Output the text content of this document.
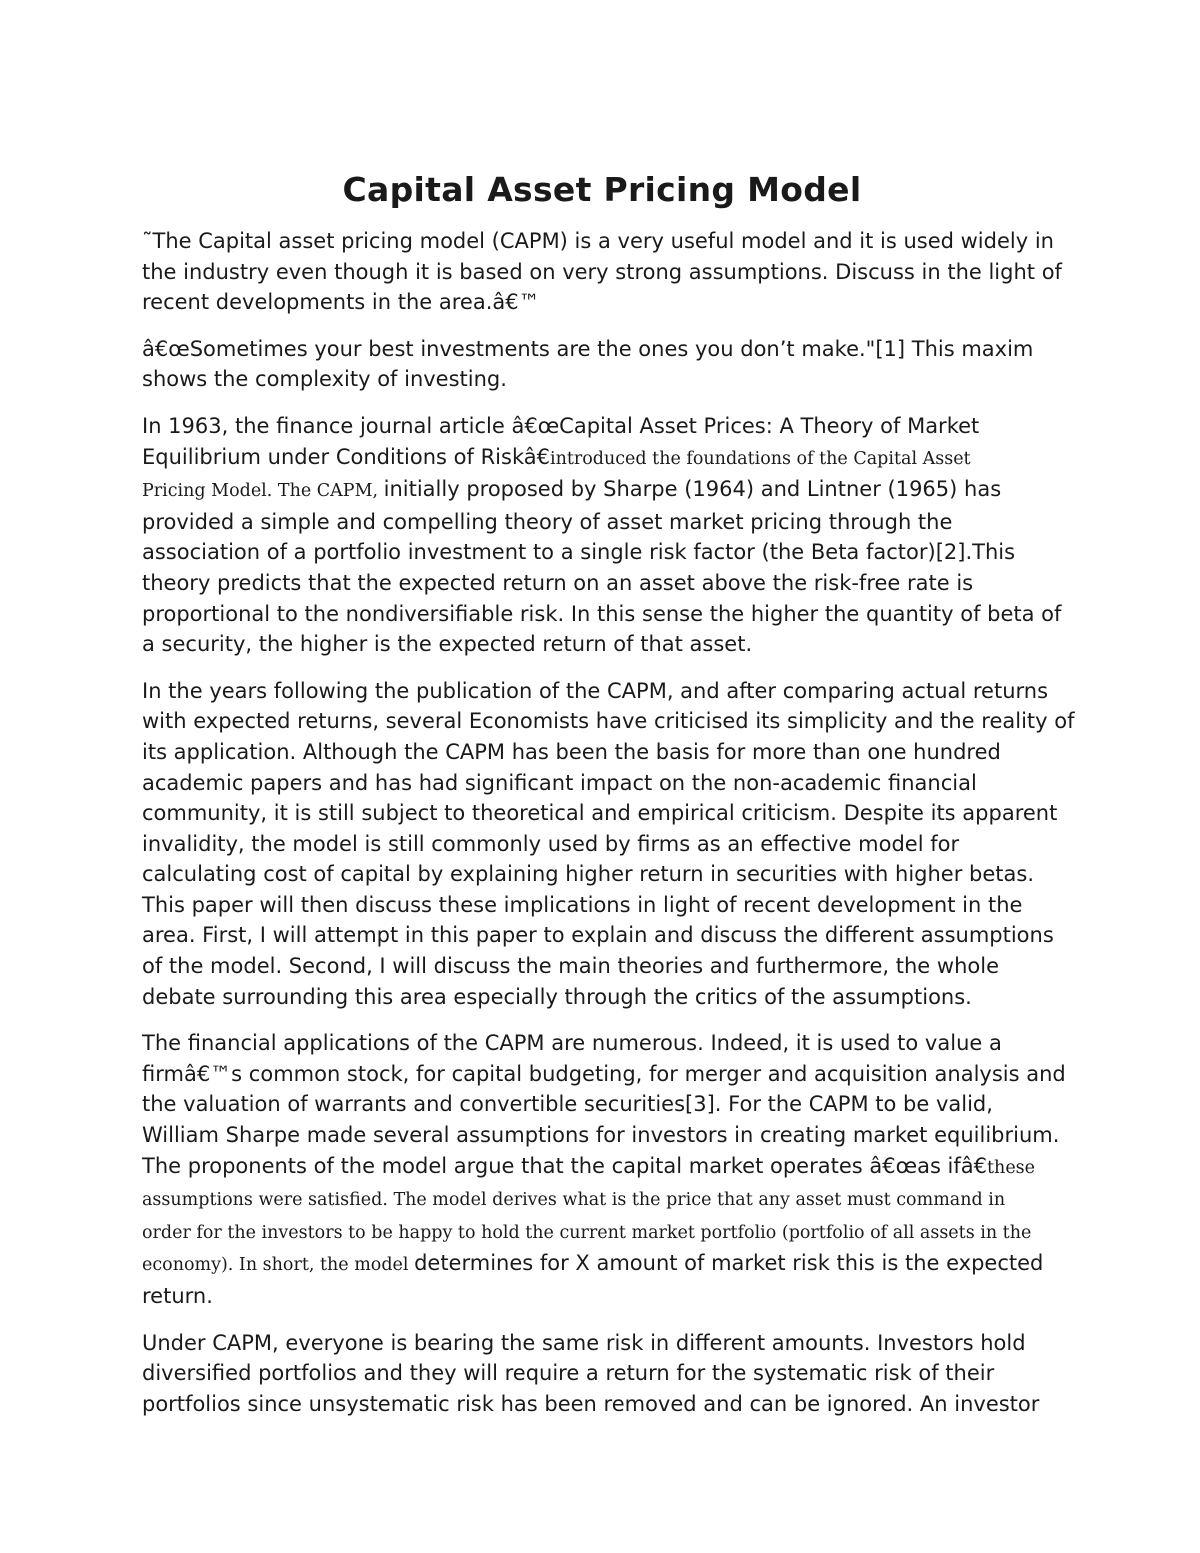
Capital Asset Pricing Model

˜The Capital asset pricing model (CAPM) is a very useful model and it is used widely in
the industry even though it is based on very strong assumptions. Discuss in the light of
recent developments in the area.â€™

â€œSometimes your best investments are the ones you don’t make."[1] This maxim
shows the complexity of investing.

In 1963, the finance journal article â€œCapital Asset Prices: A Theory of Market
Equilibrium under Conditions of Riskâ€introduced the foundations of the Capital Asset
Pricing Model. The CAPM, initially proposed by Sharpe (1964) and Lintner (1965) has
provided a simple and compelling theory of asset market pricing through the
association of a portfolio investment to a single risk factor (the Beta factor)[2].This
theory predicts that the expected return on an asset above the risk-free rate is
proportional to the nondiversifiable risk. In this sense the higher the quantity of beta of
a security, the higher is the expected return of that asset.

In the years following the publication of the CAPM, and after comparing actual returns
with expected returns, several Economists have criticised its simplicity and the reality of
its application. Although the CAPM has been the basis for more than one hundred
academic papers and has had significant impact on the non-academic financial
community, it is still subject to theoretical and empirical criticism. Despite its apparent
invalidity, the model is still commonly used by firms as an effective model for
calculating cost of capital by explaining higher return in securities with higher betas.
This paper will then discuss these implications in light of recent development in the
area. First, I will attempt in this paper to explain and discuss the different assumptions
of the model. Second, I will discuss the main theories and furthermore, the whole
debate surrounding this area especially through the critics of the assumptions.

The financial applications of the CAPM are numerous. Indeed, it is used to value a
firmâ€™s common stock, for capital budgeting, for merger and acquisition analysis and
the valuation of warrants and convertible securities[3]. For the CAPM to be valid,
William Sharpe made several assumptions for investors in creating market equilibrium.
The proponents of the model argue that the capital market operates â€œas ifâ€these
assumptions were satisfied. The model derives what is the price that any asset must command in
order for the investors to be happy to hold the current market portfolio (portfolio of all assets in the
economy). In short, the model determines for X amount of market risk this is the expected
return.

Under CAPM, everyone is bearing the same risk in different amounts. Investors hold
diversified portfolios and they will require a return for the systematic risk of their
portfolios since unsystematic risk has been removed and can be ignored. An investor
